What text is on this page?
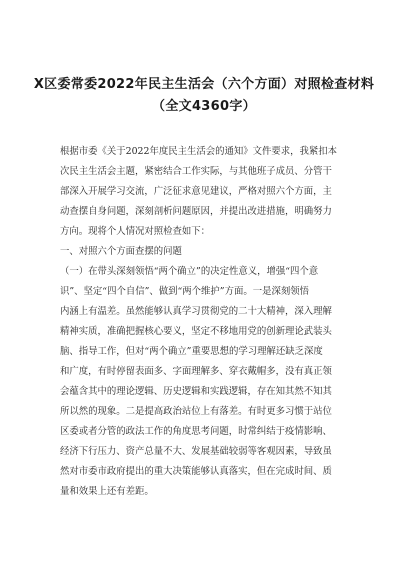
X区委常委2022年民主生活会（六个方面）对照检查材料
（全文4360字）
根据市委《关于2022年度民主生活会的通知》文件要求，我紧扣本
次民主生活会主题，紧密结合工作实际，与其他班子成员、分管干
部深入开展学习交流，广泛征求意见建议，严格对照六个方面，主
动查摆自身问题，深刻剖析问题原因，并提出改进措施，明确努力
方向。现将个人情况对照检查如下：
一、对照六个方面查摆的问题
（一）在带头深刻领悟“两个确立”的决定性意义，增强“四个意
识”、坚定“四个自信”、做到“两个维护”方面。一是深刻领悟
内涵上有温差。虽然能够认真学习贯彻党的二十大精神，深入理解
精神实质，准确把握核心要义，坚定不移地用党的创新理论武装头
脑、指导工作，但对“两个确立”重要思想的学习理解还缺乏深度
和广度，有时停留表面多、字面理解多、穿衣戴帽多，没有真正领
会蕴含其中的理论逻辑、历史逻辑和实践逻辑，存在知其然不知其
所以然的现象。二是提高政治站位上有落差。有时更多习惯于站位
区委或者分管的政法工作的角度思考问题，时常纠结于疫情影响、
经济下行压力、资产总量不大、发展基础较弱等客观因素，导致虽
然对市委市政府提出的重大决策能够认真落实，但在完成时间、质
量和效果上还有差距。
